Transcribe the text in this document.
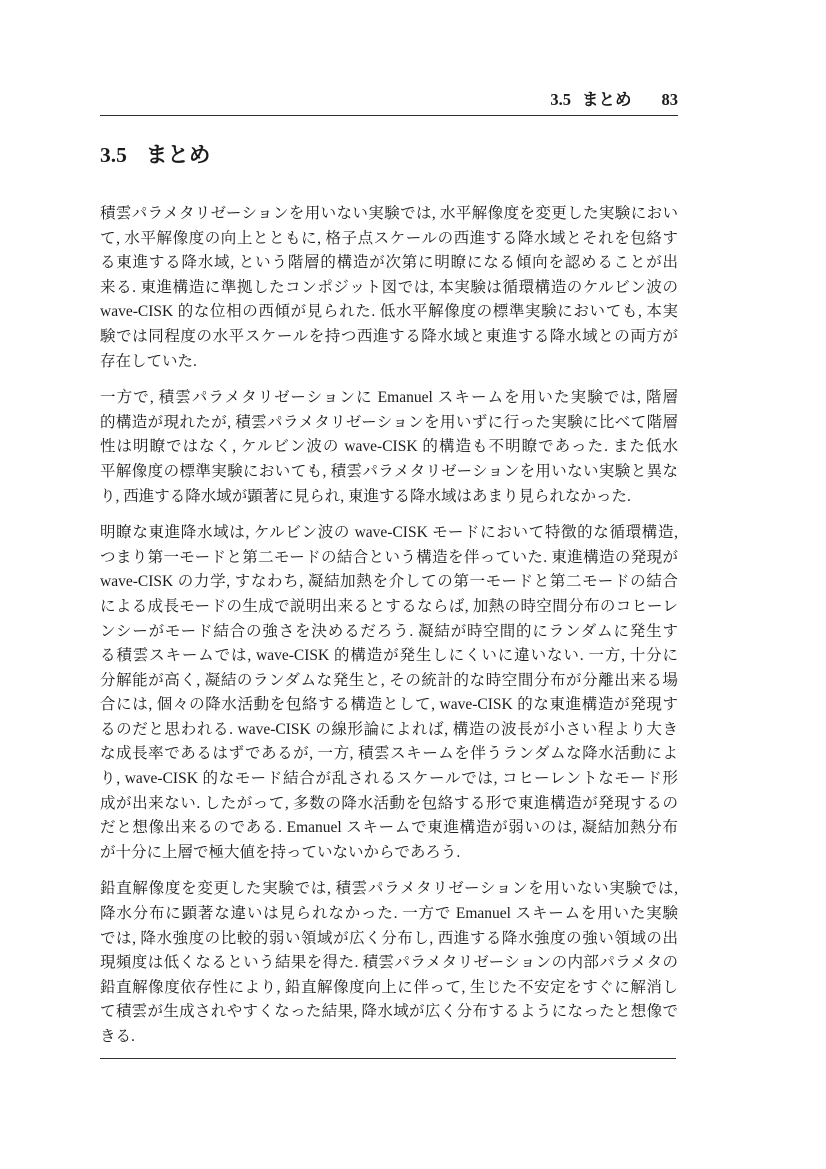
3.5 まとめ 83
3.5 まとめ
積雲パラメタリゼーションを用いない実験では, 水平解像度を変更した実験におい
て, 水平解像度の向上とともに, 格子点スケールの西進する降水域とそれを包絡す
る東進する降水域, という階層的構造が次第に明瞭になる傾向を認めることが出
来る. 東進構造に準拠したコンポジット図では, 本実験は循環構造のケルビン波の
wave-CISK 的な位相の西傾が見られた. 低水平解像度の標準実験においても, 本実
験では同程度の水平スケールを持つ西進する降水域と東進する降水域との両方が
存在していた.
一方で, 積雲パラメタリゼーションに Emanuel スキームを用いた実験では, 階層
的構造が現れたが, 積雲パラメタリゼーションを用いずに行った実験に比べて階層
性は明瞭ではなく, ケルビン波の wave-CISK 的構造も不明瞭であった. また低水
平解像度の標準実験においても, 積雲パラメタリゼーションを用いない実験と異な
り, 西進する降水域が顕著に見られ, 東進する降水域はあまり見られなかった.
明瞭な東進降水域は, ケルビン波の wave-CISK モードにおいて特徴的な循環構造,
つまり第一モードと第二モードの結合という構造を伴っていた. 東進構造の発現が
wave-CISK の力学, すなわち, 凝結加熱を介しての第一モードと第二モードの結合
による成長モードの生成で説明出来るとするならば, 加熱の時空間分布のコヒーレ
ンシーがモード結合の強さを決めるだろう. 凝結が時空間的にランダムに発生す
る積雲スキームでは, wave-CISK 的構造が発生しにくいに違いない. 一方, 十分に
分解能が高く, 凝結のランダムな発生と, その統計的な時空間分布が分離出来る場
合には, 個々の降水活動を包絡する構造として, wave-CISK 的な東進構造が発現す
るのだと思われる. wave-CISK の線形論によれば, 構造の波長が小さい程より大き
な成長率であるはずであるが, 一方, 積雲スキームを伴うランダムな降水活動によ
り, wave-CISK 的なモード結合が乱されるスケールでは, コヒーレントなモード形
成が出来ない. したがって, 多数の降水活動を包絡する形で東進構造が発現するの
だと想像出来るのである. Emanuel スキームで東進構造が弱いのは, 凝結加熱分布
が十分に上層で極大値を持っていないからであろう.
鉛直解像度を変更した実験では, 積雲パラメタリゼーションを用いない実験では,
降水分布に顕著な違いは見られなかった. 一方で Emanuel スキームを用いた実験
では, 降水強度の比較的弱い領域が広く分布し, 西進する降水強度の強い領域の出
現頻度は低くなるという結果を得た. 積雲パラメタリゼーションの内部パラメタの
鉛直解像度依存性により, 鉛直解像度向上に伴って, 生じた不安定をすぐに解消し
て積雲が生成されやすくなった結果, 降水域が広く分布するようになったと想像で
きる.
